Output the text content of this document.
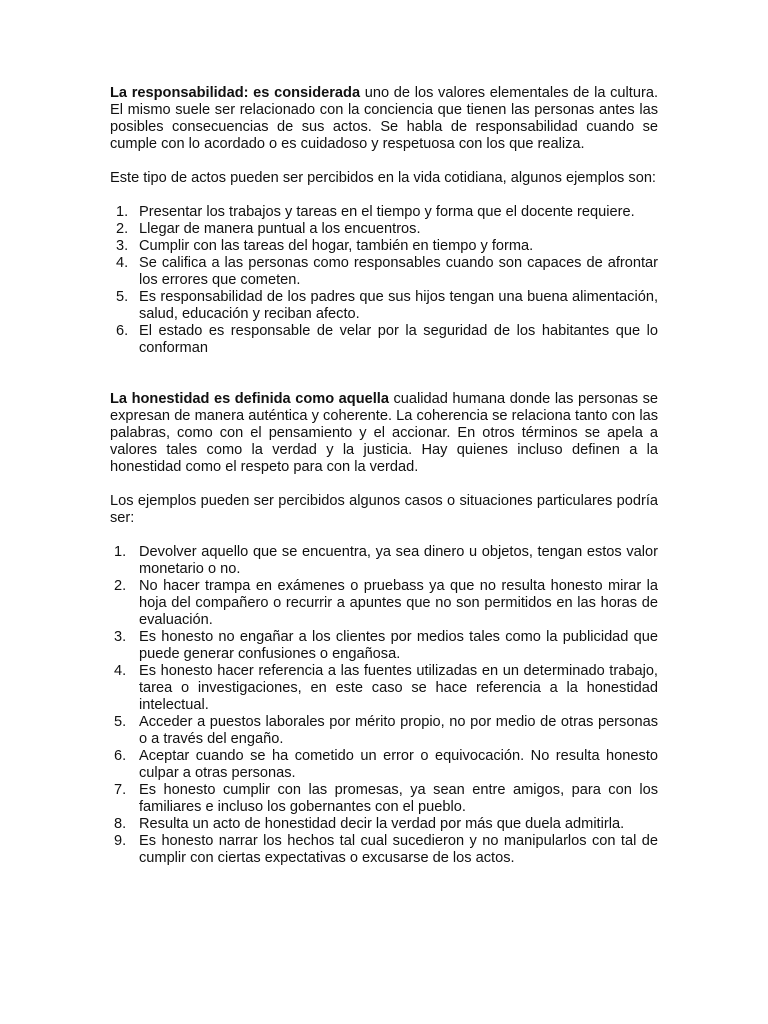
La responsabilidad: es considerada uno de los valores elementales de la cultura. El mismo suele ser relacionado con la conciencia que tienen las personas antes las posibles consecuencias de sus actos. Se habla de responsabilidad cuando se cumple con lo acordado o es cuidadoso y respetuosa con los que realiza.

Este tipo de actos pueden ser percibidos en la vida cotidiana, algunos ejemplos son:

1. Presentar los trabajos y tareas en el tiempo y forma que el docente requiere.
2. Llegar de manera puntual a los encuentros.
3. Cumplir con las tareas del hogar, también en tiempo y forma.
4. Se califica a las personas como responsables cuando son capaces de afrontar los errores que cometen.
5. Es responsabilidad de los padres que sus hijos tengan una buena alimentación, salud, educación y reciban afecto.
6. El estado es responsable de velar por la seguridad de los habitantes que lo conforman

La honestidad es definida como aquella cualidad humana donde las personas se expresan de manera auténtica y coherente. La coherencia se relaciona tanto con las palabras, como con el pensamiento y el accionar. En otros términos se apela a valores tales como la verdad y la justicia. Hay quienes incluso definen a la honestidad como el respeto para con la verdad.

Los ejemplos pueden ser percibidos algunos casos o situaciones particulares podría ser:

1. Devolver aquello que se encuentra, ya sea dinero u objetos, tengan estos valor monetario o no.
2. No hacer trampa en exámenes o pruebass ya que no resulta honesto mirar la hoja del compañero o recurrir a apuntes que no son permitidos en las horas de evaluación.
3. Es honesto no engañar a los clientes por medios tales como la publicidad que puede generar confusiones o engañosa.
4. Es honesto hacer referencia a las fuentes utilizadas en un determinado trabajo, tarea o investigaciones, en este caso se hace referencia a la honestidad intelectual.
5. Acceder a puestos laborales por mérito propio, no por medio de otras personas o a través del engaño.
6. Aceptar cuando se ha cometido un error o equivocación. No resulta honesto culpar a otras personas.
7. Es honesto cumplir con las promesas, ya sean entre amigos, para con los familiares e incluso los gobernantes con el pueblo.
8. Resulta un acto de honestidad decir la verdad por más que duela admitirla.
9. Es honesto narrar los hechos tal cual sucedieron y no manipularlos con tal de cumplir con ciertas expectativas o excusarse de los actos.
